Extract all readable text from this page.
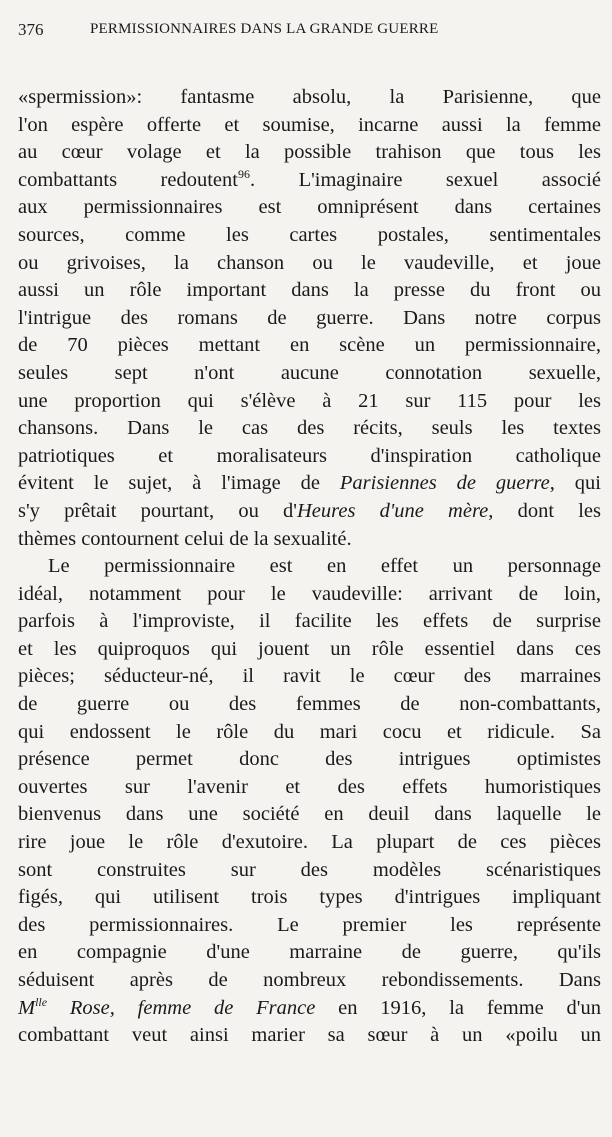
376	PERMISSIONNAIRES DANS LA GRANDE GUERRE
«spermission»: fantasme absolu, la Parisienne, que
l'on espère offerte et soumise, incarne aussi la femme
au cœur volage et la possible trahison que tous les
combattants redoutent$^{96}$. L'imaginaire sexuel associé
aux permissionnaires est omniprésent dans certaines
sources, comme les cartes postales, sentimentales
ou grivoises, la chanson ou le vaudeville, et joue
aussi un rôle important dans la presse du front ou
l'intrigue des romans de guerre. Dans notre corpus
de 70 pièces mettant en scène un permissionnaire,
seules sept n'ont aucune connotation sexuelle,
une proportion qui s'élève à 21 sur 115 pour les
chansons. Dans le cas des récits, seuls les textes
patriotiques et moralisateurs d'inspiration catholique
évitent le sujet, à l'image de Parisiennes de guerre, qui
s'y prêtait pourtant, ou d'Heures d'une mère, dont les
thèmes contournent celui de la sexualité.
Le permissionnaire est en effet un personnage
idéal, notamment pour le vaudeville: arrivant de loin,
parfois à l'improviste, il facilite les effets de surprise
et les quiproquos qui jouent un rôle essentiel dans ces
pièces; séducteur-né, il ravit le cœur des marraines
de guerre ou des femmes de non-combattants,
qui endossent le rôle du mari cocu et ridicule. Sa
présence permet donc des intrigues optimistes
ouvertes sur l'avenir et des effets humoristiques
bienvenus dans une société en deuil dans laquelle le
rire joue le rôle d'exutoire. La plupart de ces pièces
sont construites sur des modèles scénaristiques
figés, qui utilisent trois types d'intrigues impliquant
des permissionnaires. Le premier les représente
en compagnie d'une marraine de guerre, qu'ils
séduisent après de nombreux rebondissements. Dans
$M^{lle}$ Rose, femme de France en 1916, la femme d'un
combattant veut ainsi marier sa sœur à un «poilu un
